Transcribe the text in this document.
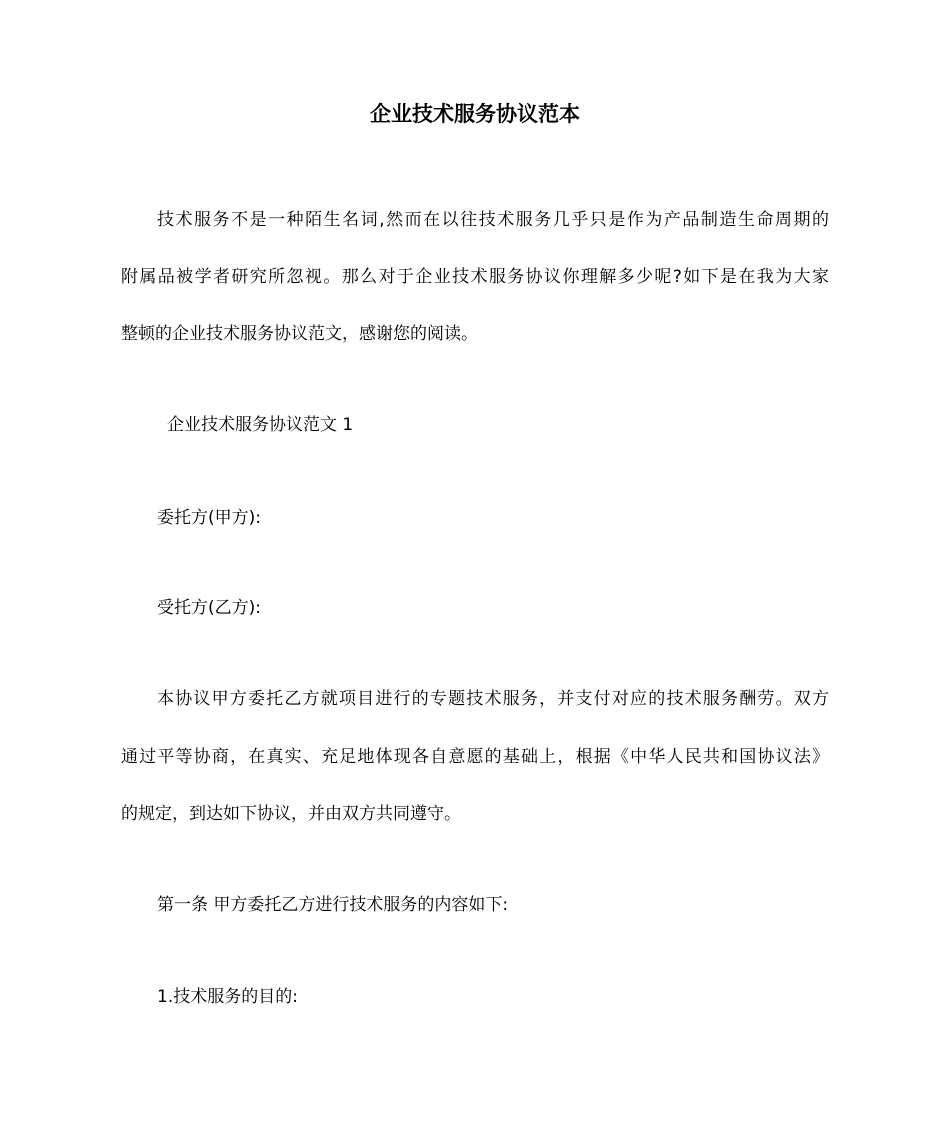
企业技术服务协议范本
技术服务不是一种陌生名词,然而在以往技术服务几乎只是作为产品制造生命周期的
附属品被学者研究所忽视。那么对于企业技术服务协议你理解多少呢?如下是在我为大家
整顿的企业技术服务协议范文，感谢您的阅读。
企业技术服务协议范文 1
委托方(甲方):
受托方(乙方):
本协议甲方委托乙方就项目进行的专题技术服务，并支付对应的技术服务酬劳。双方
通过平等协商，在真实、充足地体现各自意愿的基础上，根据《中华人民共和国协议法》
的规定，到达如下协议，并由双方共同遵守。
第一条 甲方委托乙方进行技术服务的内容如下:
1.技术服务的目的:
